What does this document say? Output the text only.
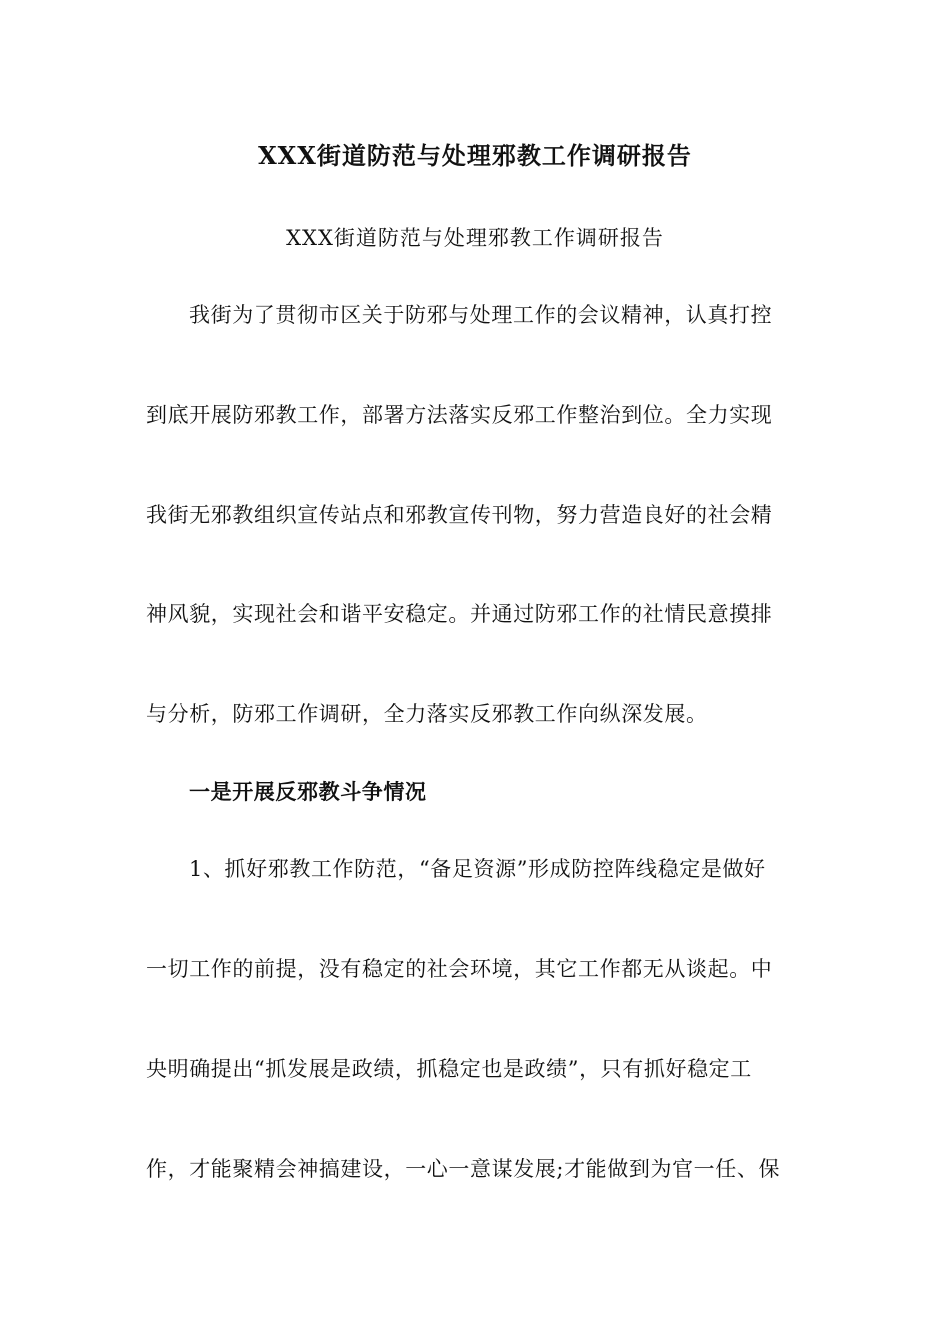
XXX街道防范与处理邪教工作调研报告
XXX街道防范与处理邪教工作调研报告
我街为了贯彻市区关于防邪与处理工作的会议精神，认真打控
到底开展防邪教工作，部署方法落实反邪工作整治到位。全力实现
我街无邪教组织宣传站点和邪教宣传刊物，努力营造良好的社会精
神风貌，实现社会和谐平安稳定。并通过防邪工作的社情民意摸排
与分析，防邪工作调研，全力落实反邪教工作向纵深发展。
一是开展反邪教斗争情况
1、抓好邪教工作防范，“备足资源”形成防控阵线稳定是做好
一切工作的前提，没有稳定的社会环境，其它工作都无从谈起。中
央明确提出“抓发展是政绩，抓稳定也是政绩”，只有抓好稳定工
作，才能聚精会神搞建设，一心一意谋发展;才能做到为官一任、保
